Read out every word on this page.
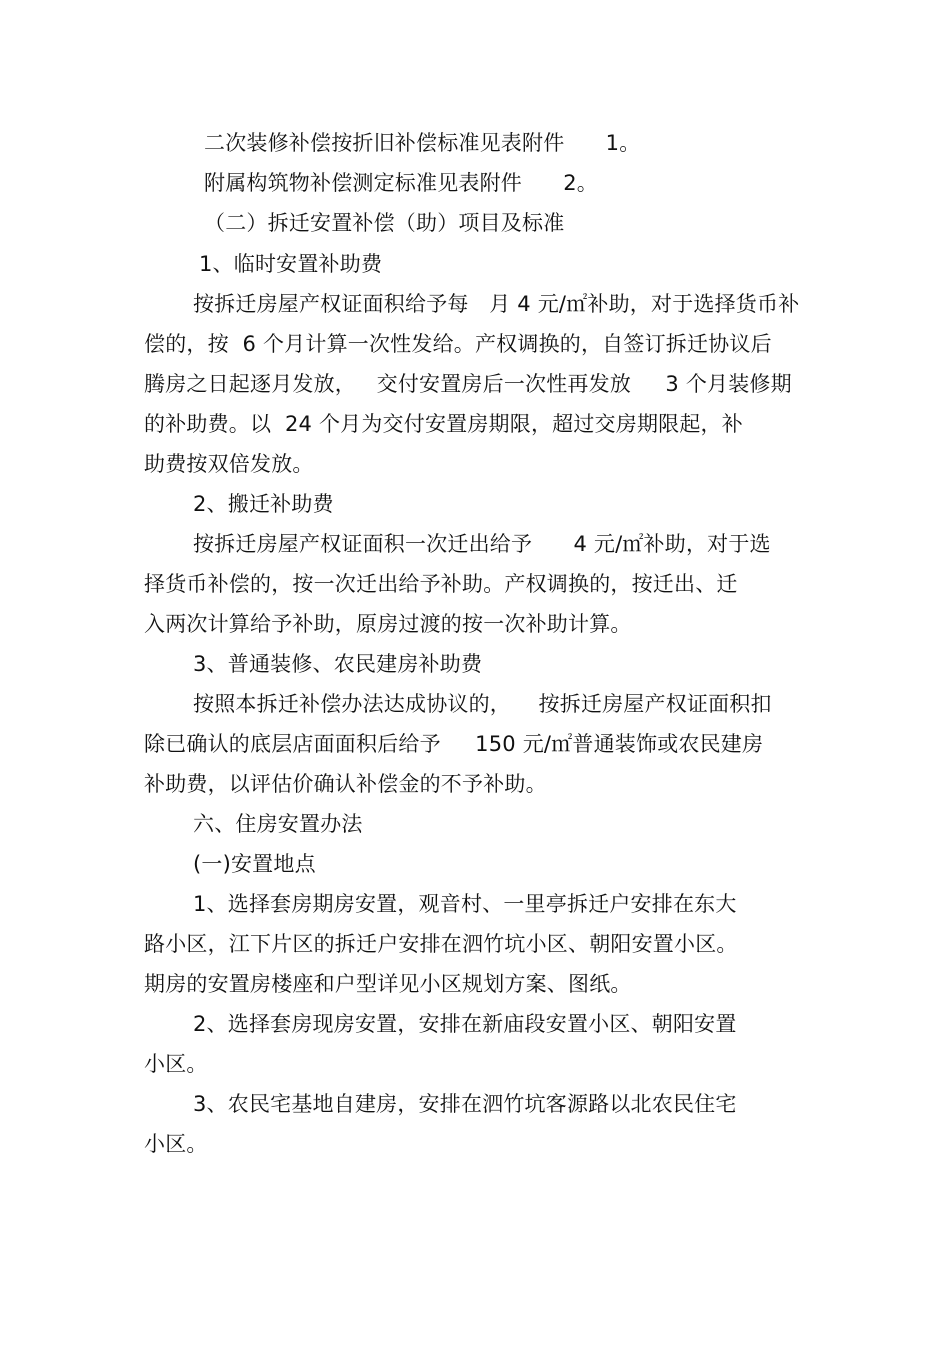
二次装修补偿按折旧补偿标准见表附件      1。

附属构筑物补偿测定标准见表附件      2。

（二）拆迁安置补偿（助）项目及标准

1、临时安置补助费

按拆迁房屋产权证面积给予每   月 4 元/㎡补助，对于选择货币补

偿的，按  6 个月计算一次性发给。产权调换的，自签订拆迁协议后

腾房之日起逐月发放，   交付安置房后一次性再发放     3 个月装修期

的补助费。以  24 个月为交付安置房期限，超过交房期限起，补

助费按双倍发放。

2、搬迁补助费

按拆迁房屋产权证面积一次迁出给予      4 元/㎡补助，对于选

择货币补偿的，按一次迁出给予补助。产权调换的，按迁出、迁

入两次计算给予补助，原房过渡的按一次补助计算。

3、普通装修、农民建房补助费

按照本拆迁补偿办法达成协议的，    按拆迁房屋产权证面积扣

除已确认的底层店面面积后给予     150 元/㎡普通装饰或农民建房

补助费，以评估价确认补偿金的不予补助。

六、住房安置办法

(一)安置地点

1、选择套房期房安置，观音村、一里亭拆迁户安排在东大

路小区，江下片区的拆迁户安排在泗竹坑小区、朝阳安置小区。

期房的安置房楼座和户型详见小区规划方案、图纸。

2、选择套房现房安置，安排在新庙段安置小区、朝阳安置

小区。

3、农民宅基地自建房，安排在泗竹坑客源路以北农民住宅

小区。
